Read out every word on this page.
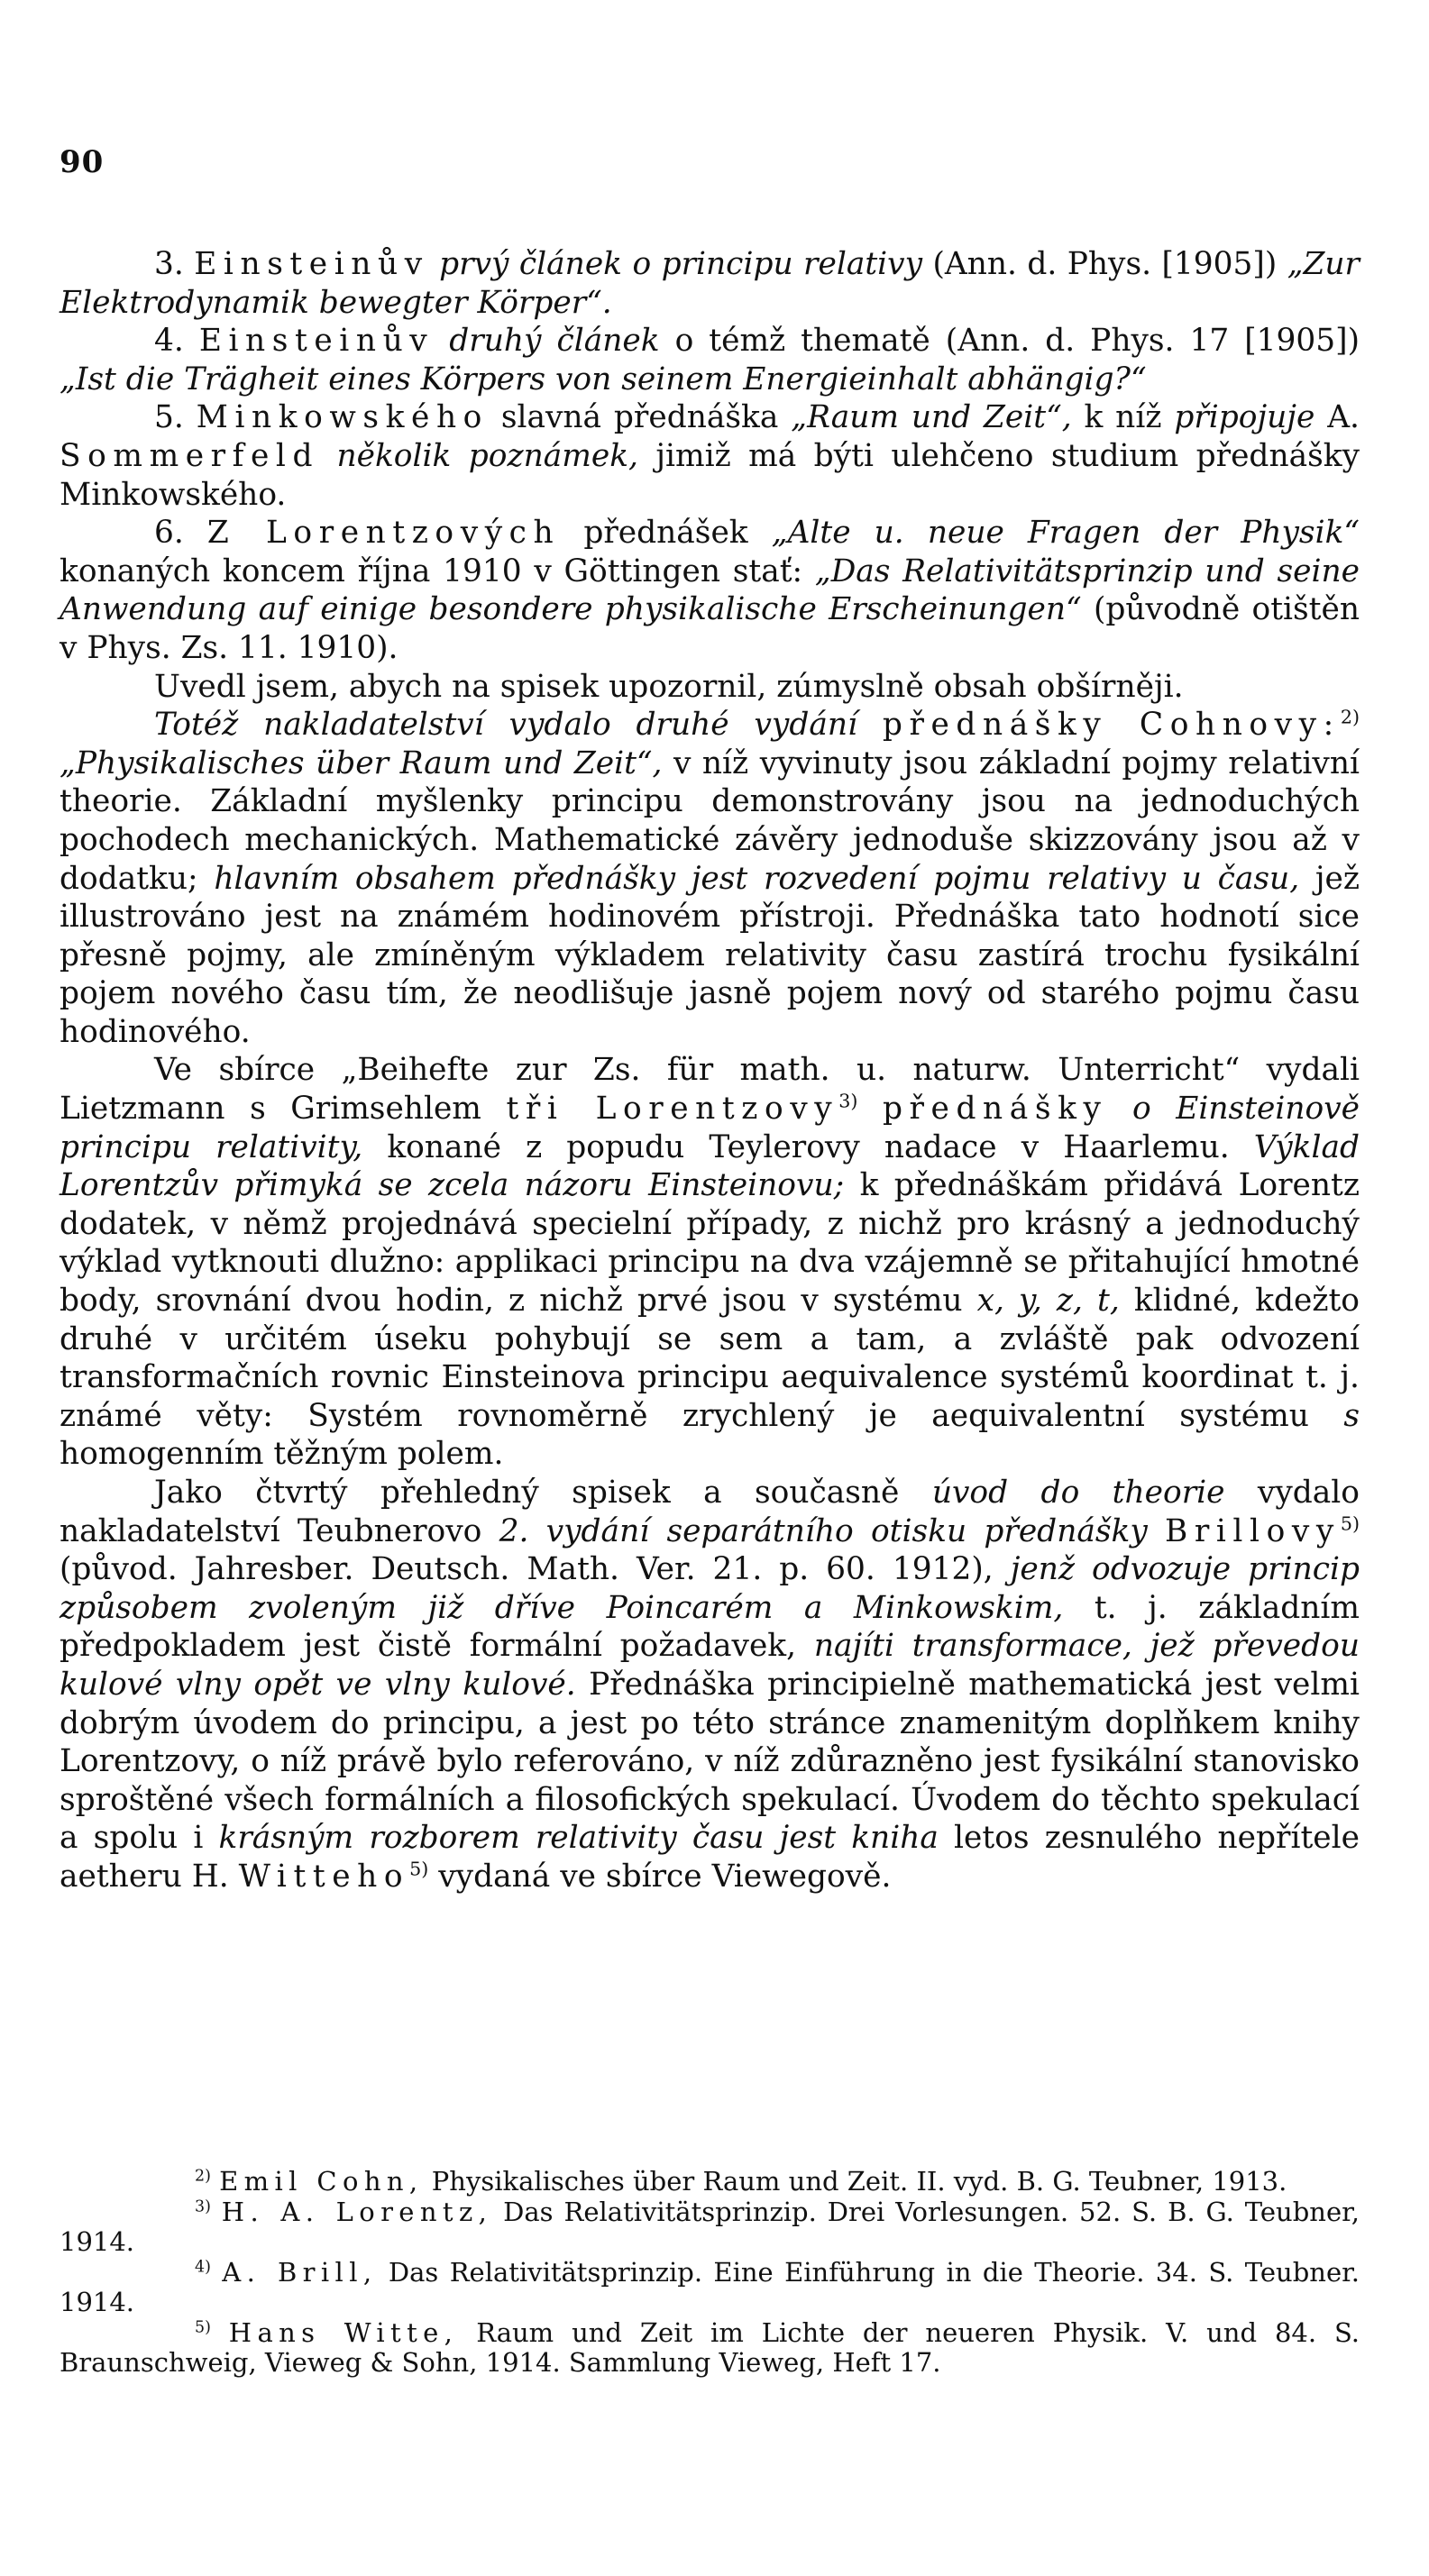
90

3. Einsteinův prvý článek o principu relativy (Ann. d. Phys. [1905]) „Zur Elektrodynamik bewegter Körper“.

4. Einsteinův druhý článek o témž thematě (Ann. d. Phys. 17 [1905]) „Ist die Trägheit eines Körpers von seinem Energieinhalt abhängig?“

5. Minkowského slavná přednáška „Raum und Zeit“, k níž připojuje A. Sommerfeld několik poznámek, jimiž má býti ulehčeno studium přednášky Minkowského.

6. Z Lorentzových přednášek „Alte u. neue Fragen der Physik“ konaných koncem října 1910 v Göttingen stať: „Das Relativitätsprinzip und seine Anwendung auf einige besondere physikalische Erscheinungen“ (původně otištěn v Phys. Zs. 11. 1910).

Uvedl jsem, abych na spisek upozornil, zúmyslně obsah obšírněji.

Totéž nakladatelství vydalo druhé vydání přednášky Cohnovy:$^{2)}$ „Physikalisches über Raum und Zeit“, v níž vyvinuty jsou základní pojmy relativní theorie. Základní myšlenky principu demonstrovány jsou na jednoduchých pochodech mechanických. Mathematické závěry jednoduše skizzovány jsou až v dodatku; hlavním obsahem přednášky jest rozvedení pojmu relativy u času, jež illustrováno jest na známém hodinovém přístroji. Přednáška tato hodnotí sice přesně pojmy, ale zmíněným výkladem relativity času zastírá trochu fysikální pojem nového času tím, že neodlišuje jasně pojem nový od starého pojmu času hodinového.

Ve sbírce „Beihefte zur Zs. für math. u. naturw. Unterricht“ vydali Lietzmann s Grimsehlem tři Lorentzovy$^{3)}$ přednášky o Einsteinově principu relativity, konané z popudu Teylerovy nadace v Haarlemu. Výklad Lorentzův přimyká se zcela názoru Einsteinovu; k přednáškám přidává Lorentz dodatek, v němž projednává specielní případy, z nichž pro krásný a jednoduchý výklad vytknouti dlužno: applikaci principu na dva vzájemně se přitahující hmotné body, srovnání dvou hodin, z nichž prvé jsou v systému x, y, z, t, klidné, kdežto druhé v určitém úseku pohybují se sem a tam, a zvláště pak odvození transformačních rovnic Einsteinova principu aequivalence systémů koordinat t. j. známé věty: Systém rovnoměrně zrychlený je aequivalentní systému s homogenním těžným polem.

Jako čtvrtý přehledný spisek a současně úvod do theorie vydalo nakladatelství Teubnerovo 2. vydání separátního otisku přednášky Brillovy$^{5)}$ (původ. Jahresber. Deutsch. Math. Ver. 21. p. 60. 1912), jenž odvozuje princip způsobem zvoleným již dříve Poincarém a Minkowskim, t. j. základním předpokladem jest čistě formální požadavek, najíti transformace, jež převedou kulové vlny opět ve vlny kulové. Přednáška principielně mathematická jest velmi dobrým úvodem do principu, a jest po této stránce znamenitým doplňkem knihy Lorentzovy, o níž právě bylo referováno, v níž zdůrazněno jest fysikální stanovisko sproštěné všech formálních a filosofických spekulací. Úvodem do těchto spekulací a spolu i krásným rozborem relativity času jest kniha letos zesnulého nepřítele aetheru H. Witteho$^{5)}$ vydaná ve sbírce Viewegově.

$^{2)}$ Emil Cohn, Physikalisches über Raum und Zeit. II. vyd. B. G. Teubner, 1913.

$^{3)}$ H. A. Lorentz, Das Relativitätsprinzip. Drei Vorlesungen. 52. S. B. G. Teubner, 1914.

$^{4)}$ A. Brill, Das Relativitätsprinzip. Eine Einführung in die Theorie. 34. S. Teubner. 1914.

$^{5)}$ Hans Witte, Raum und Zeit im Lichte der neueren Physik. V. und 84. S. Braunschweig, Vieweg & Sohn, 1914. Sammlung Vieweg, Heft 17.
